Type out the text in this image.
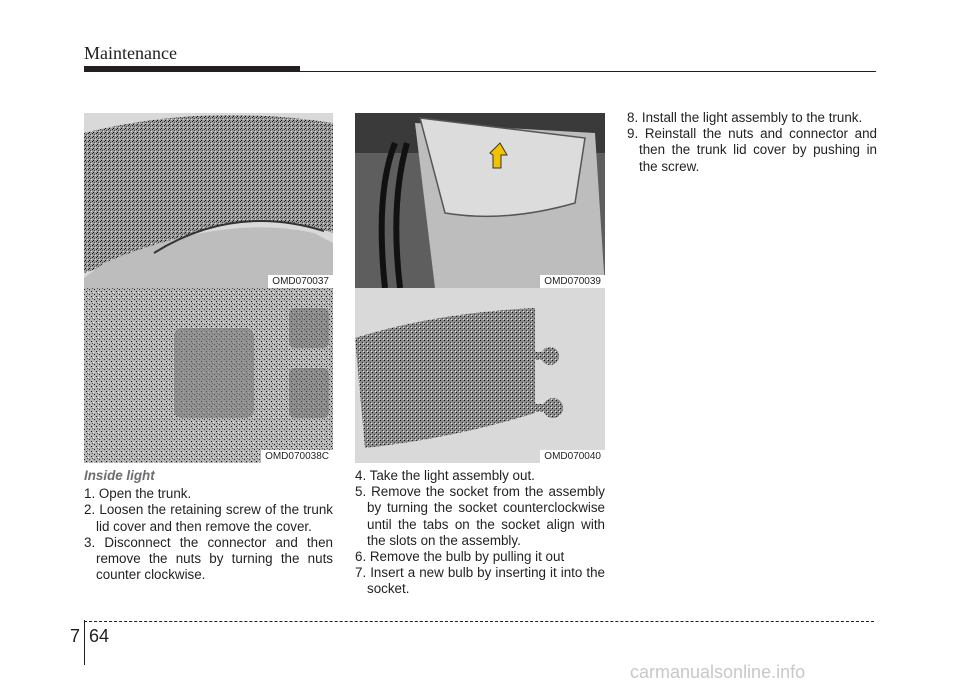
Maintenance
OMD070037
OMD070038C
OMD070039
OMD070040

Inside light

1. Open the trunk.

2. Loosen the retaining screw of the trunk lid cover and then remove the cover.

3. Disconnect the connector and then remove the nuts by turning the nuts counter clockwise.

4. Take the light assembly out.

5. Remove the socket from the assembly by turning the socket counterclockwise until the tabs on the socket align with the slots on the assembly.

6. Remove the bulb by pulling it out

7. Insert a new bulb by inserting it into the socket.

8. Install the light assembly to the trunk.

9. Reinstall the nuts and connector and then the trunk lid cover by pushing in the screw.

7 64
carmanualsonline.info
